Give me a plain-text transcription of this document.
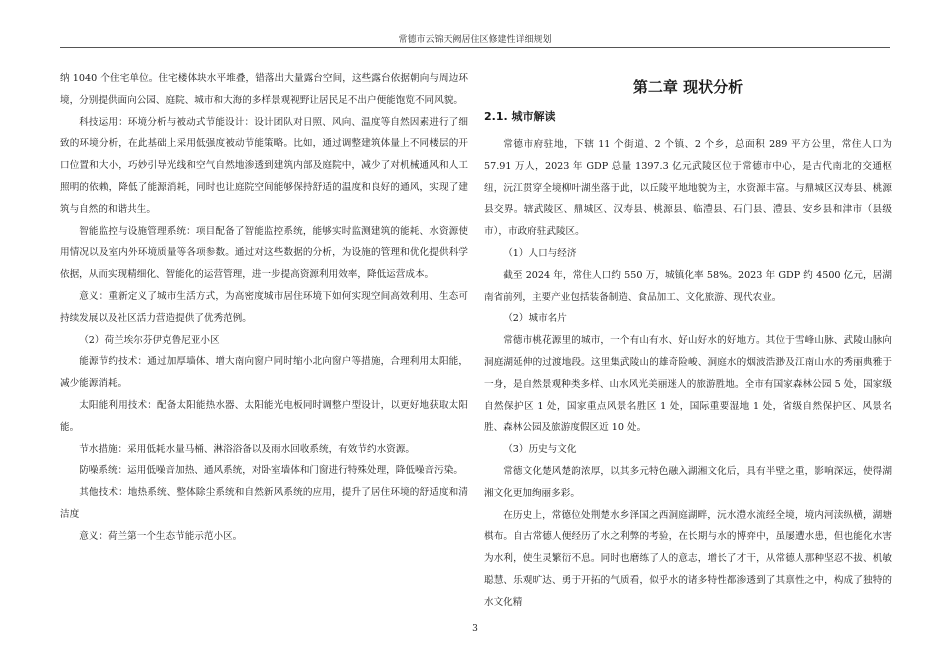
常德市云锦天阙居住区修建性详细规划

纳 1040 个住宅单位。住宅楼体块水平堆叠，错落出大量露台空间，这些露台依据朝向与周边环境，分别提供面向公园、庭院、城市和大海的多样景观视野让居民足不出户便能饱览不同风貌。

科技运用：环境分析与被动式节能设计：设计团队对日照、风向、温度等自然因素进行了细致的环境分析，在此基础上采用低强度被动节能策略。比如，通过调整建筑体量上不同楼层的开 口位置和大小，巧妙引导光线和空气自然地渗透到建筑内部及庭院中，减少了对机械通风和人工照明的依赖，降低了能源消耗，同时也让庭院空间能够保持舒适的温度和良好的通风，实现了建筑与自然的和谐共生。

智能监控与设施管理系统：项目配备了智能监控系统，能够实时监测建筑的能耗、水资源使用情况以及室内外环境质量等各项参数。通过对这些数据的分析，为设施的管理和优化提供科学依据，从而实现精细化、智能化的运营管理，进一步提高资源利用效率，降低运营成本。

意义：重新定义了城市生活方式，为高密度城市居住环境下如何实现空间高效利用、生态可持续发展以及社区活力营造提供了优秀范例。

（2）荷兰埃尔芬伊克鲁尼亚小区

能源节约技术：通过加厚墙体、增大南向窗户同时缩小北向窗户等措施，合理利用太阳能，减少能源消耗。

太阳能利用技术：配备太阳能热水器、太阳能光电板同时调整户型设计，以更好地获取太阳能。

节水措施：采用低耗水量马桶、淋浴浴备以及雨水回收系统，有效节约水资源。

防噪系统：运用低噪音加热、通风系统，对卧室墙体和门窗进行特殊处理，降低噪音污染。

其他技术：地热系统、整体除尘系统和自然新风系统的应用，提升了居住环境的舒适度和清洁度

意义：荷兰第一个生态节能示范小区。

第二章 现状分析
2.1. 城市解读

常德市府驻地，下辖 11 个街道、2 个镇、2 个乡，总面积 289 平方公里，常住人口为 57.91 万人，2023 年 GDP 总量 1397.3 亿元武陵区位于常德市中心，是古代南北的交通枢纽，沅江贯穿全境柳叶湖坐落于此，以丘陵平地地貌为主，水资源丰富。与鼎城区汉寿县、桃源县交界。辖武陵区、鼎城区、汉寿县、桃源县、临澧县、石门县、澧县、安乡县和津市（县级市），市政府驻武陵区。

（1）人口与经济

截至 2024 年，常住人口约 550 万，城镇化率 58%。2023 年 GDP 约 4500 亿元，居湖南省前列，主要产业包括装备制造、食品加工、文化旅游、现代农业。

（2）城市名片

常德市桃花源里的城市，一个有山有水、好山好水的好地方。其位于雪峰山脉、武陵山脉向洞庭湖延伸的过渡地段。这里集武陵山的雄奇险峻、洞庭水的烟波浩渺及江南山水的秀丽典雅于一身，是自然景观种类多样、山水风光美丽迷人的旅游胜地。全市有国家森林公园 5 处，国家级自然保护区 1 处，国家重点风景名胜区 1 处，国际重要湿地 1 处，省级自然保护区、风景名胜、森林公园及旅游度假区近 10 处。

（3）历史与文化

常德文化楚风楚韵浓厚，以其多元特色融入湖湘文化后，具有半壁之重，影响深远，使得湖湘文化更加绚丽多彩。

在历史上，常德位处荆楚水乡泽国之西洞庭湖畔，沅水澧水流经全境，境内河渎纵横，湖塘棋布。自古常德人便经历了水之利弊的考验，在长期与水的博弈中，虽屡遭水患，但也能化水害为水利，使生灵繁衍不息。同时也磨练了人的意志，增长了才干，从常德人那种坚忍不拔、机敏聪慧、乐观旷达、勇于开拓的气质看，似乎水的诸多特性都渗透到了其禀性之中，构成了独特的水文化精

3
